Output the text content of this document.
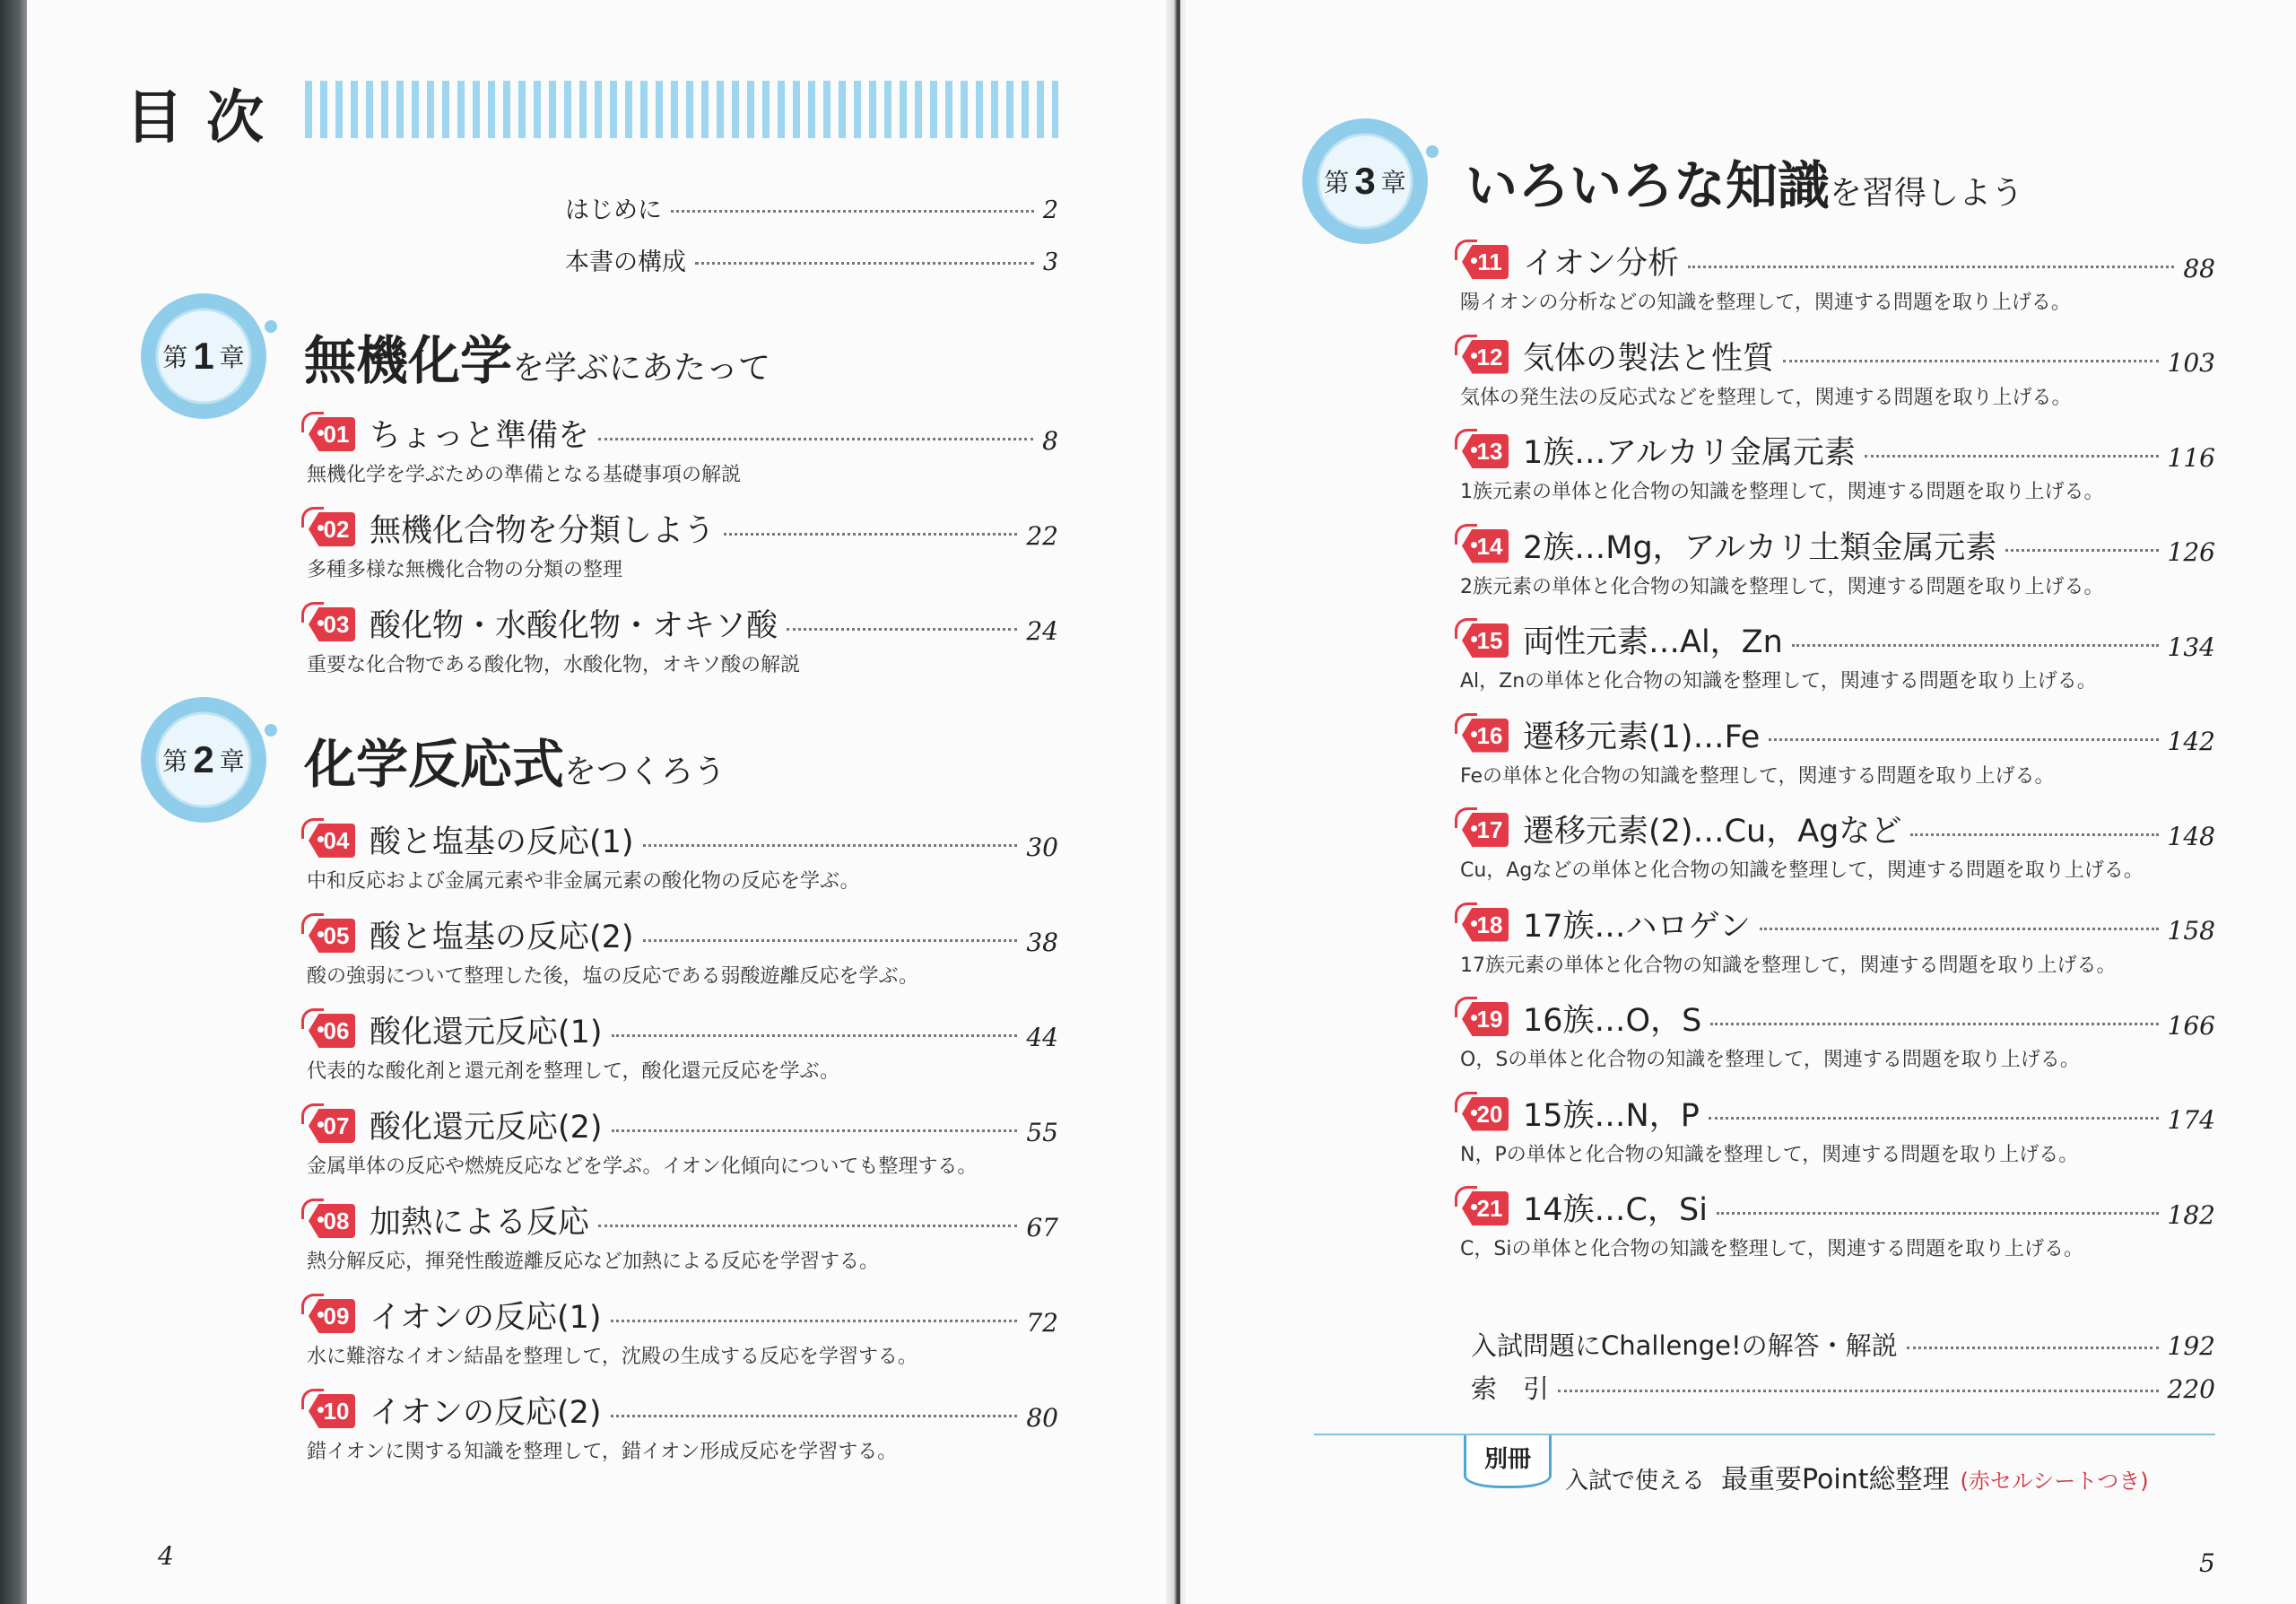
目次
はじめに	2
本書の構成	3
第 1 章 無機化学を学ぶにあたって
01 ちょっと準備を	8
無機化学を学ぶための準備となる基礎事項の解説
02 無機化合物を分類しよう	22
多種多様な無機化合物の分類の整理
03 酸化物・水酸化物・オキソ酸	24
重要な化合物である酸化物，水酸化物，オキソ酸の解説
第 2 章 化学反応式をつくろう
04 酸と塩基の反応(1)	30
中和反応および金属元素や非金属元素の酸化物の反応を学ぶ。
05 酸と塩基の反応(2)	38
酸の強弱について整理した後，塩の反応である弱酸遊離反応を学ぶ。
06 酸化還元反応(1)	44
代表的な酸化剤と還元剤を整理して，酸化還元反応を学ぶ。
07 酸化還元反応(2)	55
金属単体の反応や燃焼反応などを学ぶ。イオン化傾向についても整理する。
08 加熱による反応	67
熱分解反応，揮発性酸遊離反応など加熱による反応を学習する。
09 イオンの反応(1)	72
水に難溶なイオン結晶を整理して，沈殿の生成する反応を学習する。
10 イオンの反応(2)	80
錯イオンに関する知識を整理して，錯イオン形成反応を学習する。
4
第 3 章 いろいろな知識を習得しよう
11 イオン分析	88
陽イオンの分析などの知識を整理して，関連する問題を取り上げる。
12 気体の製法と性質	103
気体の発生法の反応式などを整理して，関連する問題を取り上げる。
13 1族…アルカリ金属元素	116
1族元素の単体と化合物の知識を整理して，関連する問題を取り上げる。
14 2族…Mg，アルカリ土類金属元素	126
2族元素の単体と化合物の知識を整理して，関連する問題を取り上げる。
15 両性元素…Al，Zn	134
Al，Znの単体と化合物の知識を整理して，関連する問題を取り上げる。
16 遷移元素(1)…Fe	142
Feの単体と化合物の知識を整理して，関連する問題を取り上げる。
17 遷移元素(2)…Cu，Agなど	148
Cu，Agなどの単体と化合物の知識を整理して，関連する問題を取り上げる。
18 17族…ハロゲン	158
17族元素の単体と化合物の知識を整理して，関連する問題を取り上げる。
19 16族…O，S	166
O，Sの単体と化合物の知識を整理して，関連する問題を取り上げる。
20 15族…N，P	174
N，Pの単体と化合物の知識を整理して，関連する問題を取り上げる。
21 14族…C，Si	182
C，Siの単体と化合物の知識を整理して，関連する問題を取り上げる。
入試問題にChallenge!の解答・解説	192
索　引	220
別冊
入試で使える 最重要Point総整理 (赤セルシートつき)
5
